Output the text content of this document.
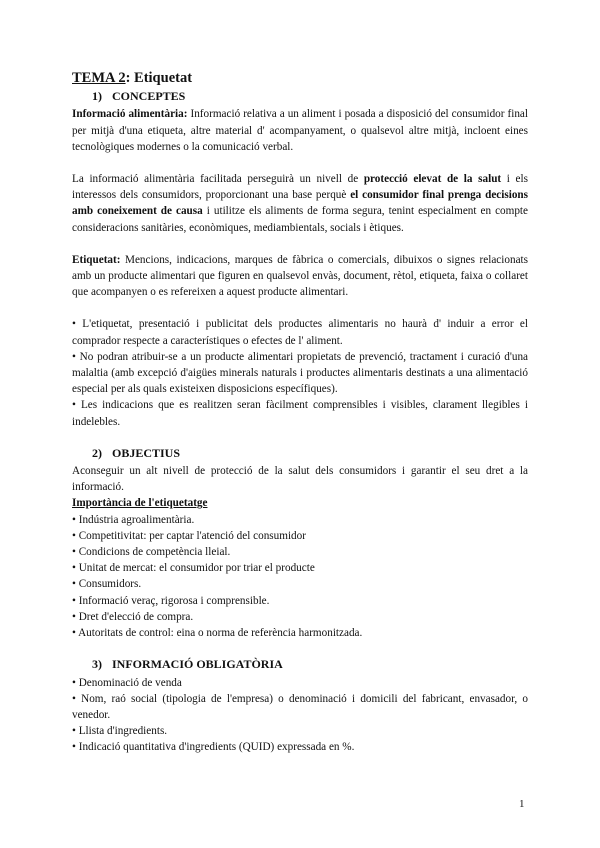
TEMA 2: Etiquetat
1) CONCEPTES

Informació alimentària: Informació relativa a un aliment i posada a disposició del consumidor final per mitjà d'una etiqueta, altre material d' acompanyament, o qualsevol altre mitjà, incloent eines tecnològiques modernes o la comunicació verbal.

La informació alimentària facilitada perseguirà un nivell de protecció elevat de la salut i els interessos dels consumidors, proporcionant una base perquè el consumidor final prenga decisions amb coneixement de causa i utilitze els aliments de forma segura, tenint especialment en compte consideracions sanitàries, econòmiques, mediambientals, socials i ètiques.

Etiquetat: Mencions, indicacions, marques de fàbrica o comercials, dibuixos o signes relacionats amb un producte alimentari que figuren en qualsevol envàs, document, rètol, etiqueta, faixa o collaret que acompanyen o es refereixen a aquest producte alimentari.

• L'etiquetat, presentació i publicitat dels productes alimentaris no haurà d' induir a error el comprador respecte a característiques o efectes de l' aliment.

• No podran atribuir-se a un producte alimentari propietats de prevenció, tractament i curació d'una malaltia (amb excepció d'aigües minerals naturals i productes alimentaris destinats a una alimentació especial per als quals existeixen disposicions específiques).

• Les indicacions que es realitzen seran fàcilment comprensibles i visibles, clarament llegibles i indelebles.

2) OBJECTIUS

Aconseguir un alt nivell de protecció de la salut dels consumidors i garantir el seu dret a la informació.

Importància de l'etiquetatge

• Indústria agroalimentària.

• Competitivitat: per captar l'atenció del consumidor

• Condicions de competència lleial.

• Unitat de mercat: el consumidor por triar el producte

• Consumidors.

• Informació veraç, rigorosa i comprensible.

• Dret d'elecció de compra.

• Autoritats de control: eina o norma de referència harmonitzada.

3) INFORMACIÓ OBLIGATÒRIA

• Denominació de venda

• Nom, raó social (tipologia de l'empresa) o denominació i domicili del fabricant, envasador, o venedor.

• Llista d'ingredients.

• Indicació quantitativa d'ingredients (QUID) expressada en %.

1
